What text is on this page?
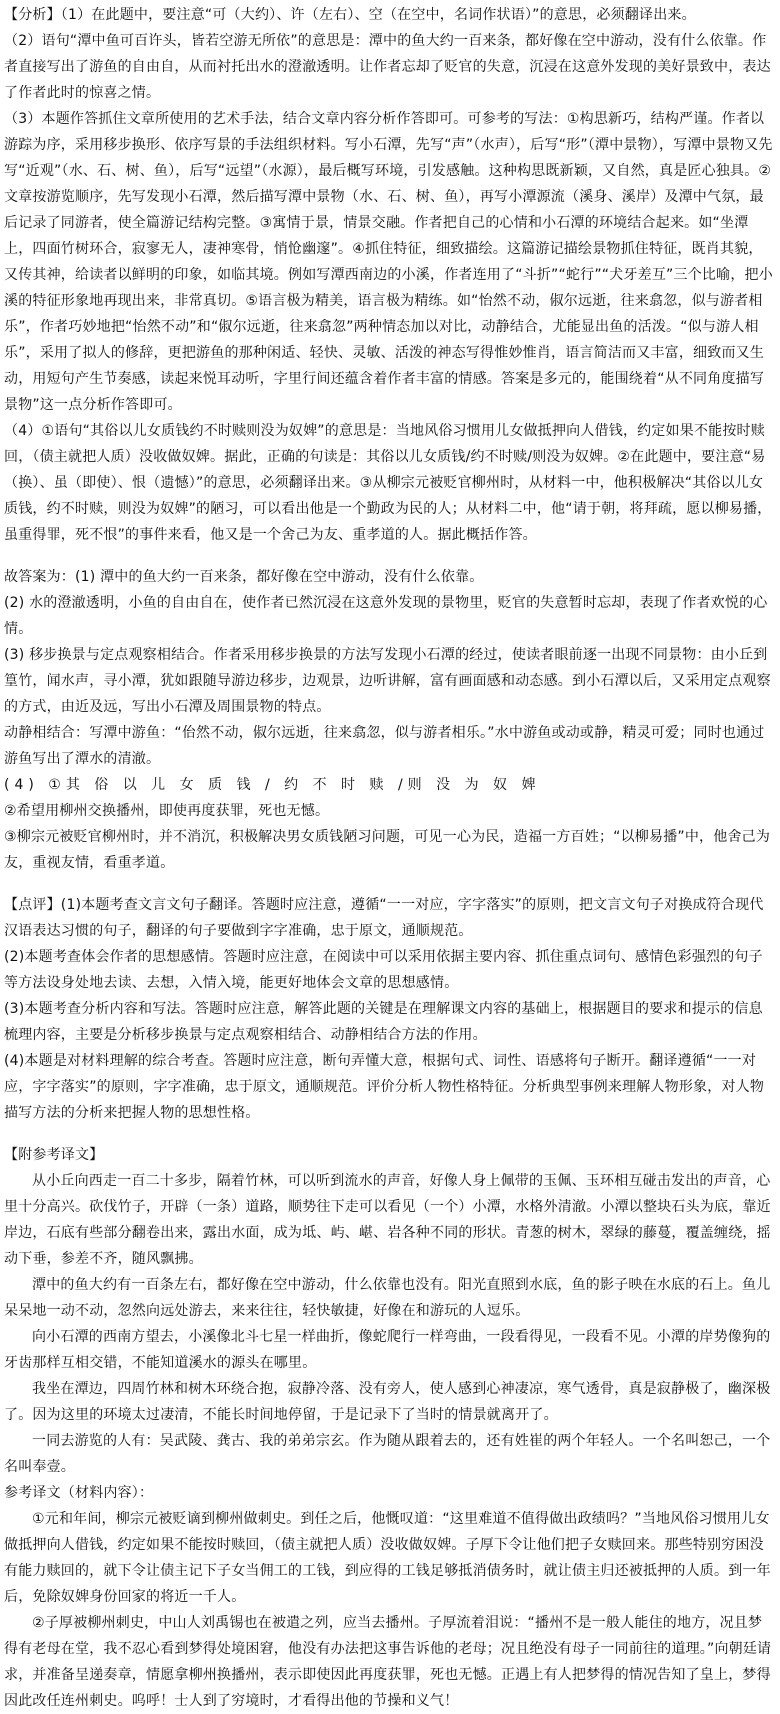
【分析】（1）在此题中，要注意“可（大约）、许（左右）、空（在空中，名词作状语）”的意思，必须翻译出来。

（2）语句“潭中鱼可百许头，皆若空游无所依”的意思是：潭中的鱼大约一百来条，都好像在空中游动，没有什么依靠。作者直接写出了游鱼的自由自，从而衬托出水的澄澈透明。让作者忘却了贬官的失意，沉浸在这意外发现的美好景致中，表达了作者此时的惊喜之情。

（3）本题作答抓住文章所使用的艺术手法，结合文章内容分析作答即可。可参考的写法：①构思新巧，结构严谨。作者以游踪为序，采用移步换形、依序写景的手法组织材料。写小石潭，先写“声”（水声），后写“形”（潭中景物），写潭中景物又先写“近观”（水、石、树、鱼），后写“远望”（水源），最后概写环境，引发感触。这种构思既新颖，又自然，真是匠心独具。②文章按游览顺序，先写发现小石潭，然后描写潭中景物（水、石、树、鱼），再写小潭源流（溪身、溪岸）及潭中气氛，最后记录了同游者，使全篇游记结构完整。③寓情于景，情景交融。作者把自己的心情和小石潭的环境结合起来。如“坐潭上，四面竹树环合，寂寥无人，凄神寒骨，悄怆幽邃”。④抓住特征，细致描绘。这篇游记描绘景物抓住特征，既肖其貌，又传其神，给读者以鲜明的印象，如临其境。例如写潭西南边的小溪，作者连用了“斗折”“蛇行”“犬牙差互”三个比喻，把小溪的特征形象地再现出来，非常真切。⑤语言极为精美，语言极为精练。如“怡然不动，俶尔远逝，往来翕忽，似与游者相乐”，作者巧妙地把“怡然不动”和“俶尔远逝，往来翕忽”两种情态加以对比，动静结合，尤能显出鱼的活泼。“似与游人相乐”，采用了拟人的修辞，更把游鱼的那种闲适、轻快、灵敏、活泼的神态写得惟妙惟肖，语言简洁而又丰富，细致而又生动，用短句产生节奏感，读起来悦耳动听，字里行间还蕴含着作者丰富的情感。答案是多元的，能围绕着“从不同角度描写景物”这一点分析作答即可。

（4）①语句“其俗以儿女质钱约不时赎则没为奴婢”的意思是：当地风俗习惯用儿女做抵押向人借钱，约定如果不能按时赎回，（债主就把人质）没收做奴婢。据此，正确的句读是：其俗以儿女质钱/约不时赎/则没为奴婢。②在此题中，要注意“易（换）、虽（即使）、恨（遗憾）”的意思，必须翻译出来。③从柳宗元被贬官柳州时，从材料一中，他积极解决“其俗以儿女质钱，约不时赎，则没为奴婢”的陋习，可以看出他是一个勤政为民的人；从材料二中，他“请于朝，将拜疏，愿以柳易播，虽重得罪，死不恨”的事件来看，他又是一个舍己为友、重孝道的人。据此概括作答。

故答案为：(1) 潭中的鱼大约一百来条，都好像在空中游动，没有什么依靠。

(2) 水的澄澈透明，小鱼的自由自在，使作者已然沉浸在这意外发现的景物里，贬官的失意暂时忘却，表现了作者欢悦的心情。

(3) 移步换景与定点观察相结合。作者采用移步换景的方法写发现小石潭的经过，使读者眼前逐一出现不同景物：由小丘到篁竹，闻水声，寻小潭，犹如跟随导游边移步，边观景，边听讲解，富有画面感和动态感。到小石潭以后，又采用定点观察的方式，由近及远，写出小石潭及周围景物的特点。

动静相结合：写潭中游鱼：“佁然不动，俶尔远逝，往来翕忽，似与游者相乐。”水中游鱼或动或静，精灵可爱；同时也通过游鱼写出了潭水的清澈。

(4) ①其 俗 以 儿 女 质 钱 / 约 不 时 赎 /则 没 为 奴 婢

②希望用柳州交换播州，即使再度获罪，死也无憾。

③柳宗元被贬官柳州时，并不消沉，积极解决男女质钱陋习问题，可见一心为民，造福一方百姓；“以柳易播”中，他舍己为友，重视友情，看重孝道。

【点评】(1)本题考查文言文句子翻译。答题时应注意，遵循“一一对应，字字落实”的原则，把文言文句子对换成符合现代汉语表达习惯的句子，翻译的句子要做到字字准确，忠于原文，通顺规范。

(2)本题考查体会作者的思想感情。答题时应注意，在阅读中可以采用依据主要内容、抓住重点词句、感情色彩强烈的句子等方法设身处地去读、去想，入情入境，能更好地体会文章的思想感情。

(3)本题考查分析内容和写法。答题时应注意，解答此题的关键是在理解课文内容的基础上，根据题目的要求和提示的信息梳理内容，主要是分析移步换景与定点观察相结合、动静相结合方法的作用。

(4)本题是对材料理解的综合考查。答题时应注意，断句弄懂大意，根据句式、词性、语感将句子断开。翻译遵循“一一对应，字字落实”的原则，字字准确，忠于原文，通顺规范。评价分析人物性格特征。分析典型事例来理解人物形象，对人物描写方法的分析来把握人物的思想性格。

【附参考译文】

从小丘向西走一百二十多步，隔着竹林，可以听到流水的声音，好像人身上佩带的玉佩、玉环相互碰击发出的声音，心里十分高兴。砍伐竹子，开辟（一条）道路，顺势往下走可以看见（一个）小潭，水格外清澈。小潭以整块石头为底，靠近岸边，石底有些部分翻卷出来，露出水面，成为坻、屿、嵁、岩各种不同的形状。青葱的树木，翠绿的藤蔓，覆盖缠绕，摇动下垂，参差不齐，随风飘拂。

潭中的鱼大约有一百条左右，都好像在空中游动，什么依靠也没有。阳光直照到水底，鱼的影子映在水底的石上。鱼儿呆呆地一动不动，忽然向远处游去，来来往往，轻快敏捷，好像在和游玩的人逗乐。

向小石潭的西南方望去，小溪像北斗七星一样曲折，像蛇爬行一样弯曲，一段看得见，一段看不见。小潭的岸势像狗的牙齿那样互相交错，不能知道溪水的源头在哪里。

我坐在潭边，四周竹林和树木环绕合抱，寂静冷落、没有旁人，使人感到心神凄凉，寒气透骨，真是寂静极了，幽深极了。因为这里的环境太过凄清，不能长时间地停留，于是记录下了当时的情景就离开了。

一同去游览的人有：吴武陵、龚古、我的弟弟宗玄。作为随从跟着去的，还有姓崔的两个年轻人。一个名叫恕己，一个名叫奉壹。

参考译文（材料内容）：

①元和年间，柳宗元被贬谪到柳州做刺史。到任之后，他慨叹道：“这里难道不值得做出政绩吗？”当地风俗习惯用儿女做抵押向人借钱，约定如果不能按时赎回，（债主就把人质）没收做奴婢。子厚下令让他们把子女赎回来。那些特别穷困没有能力赎回的，就下令让债主记下子女当佣工的工钱，到应得的工钱足够抵消债务时，就让债主归还被抵押的人质。到一年后，免除奴婢身份回家的将近一千人。

②子厚被柳州刺史，中山人刘禹锡也在被遣之列，应当去播州。子厚流着泪说：“播州不是一般人能住的地方，况且梦得有老母在堂，我不忍心看到梦得处境困窘，他没有办法把这事告诉他的老母；况且绝没有母子一同前往的道理。”向朝廷请求，并准备呈递奏章，情愿拿柳州换播州，表示即使因此再度获罪，死也无憾。正遇上有人把梦得的情况告知了皇上，梦得因此改任连州刺史。呜呼！士人到了穷境时，才看得出他的节操和义气！
